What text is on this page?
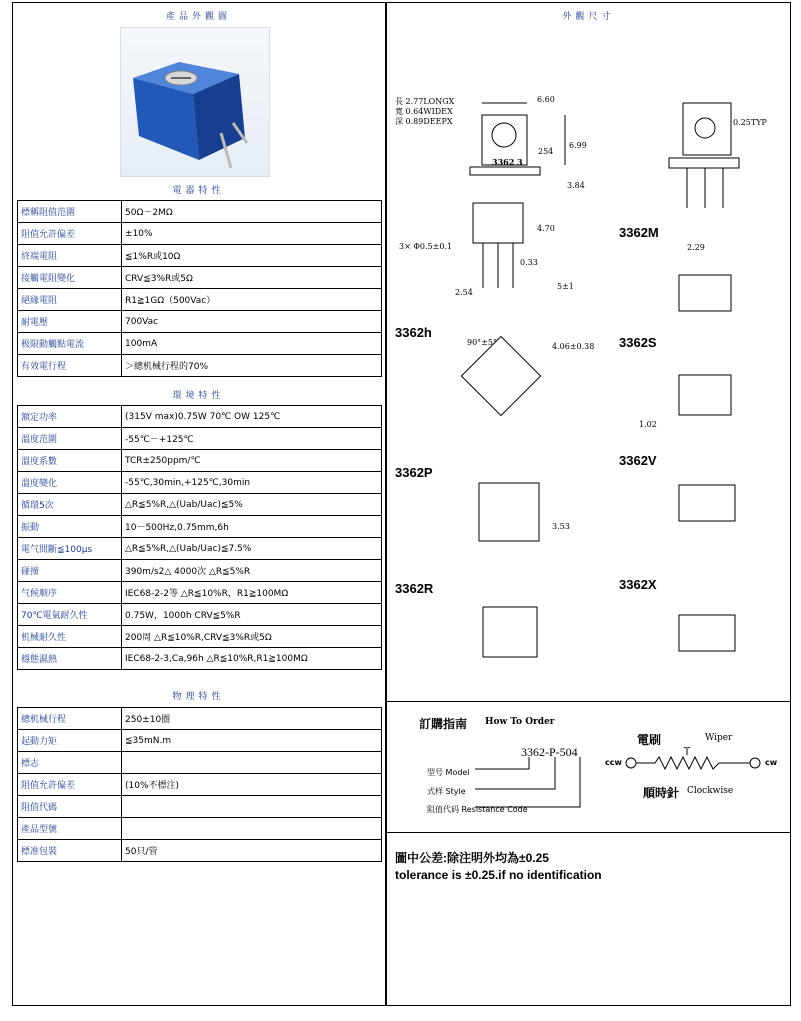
產品外觀圖
電器特性
標稱阻值范圍	50Ω－2MΩ
阻值允許偏差	±10%
終端電阻	≦1%R或10Ω
接觸電阻變化	CRV≦3%R或5Ω
絕緣電阻	R1≧1GΩ（500Vac）
耐電壓	700Vac
极限動觸點電流	100mA
有效電行程	＞總机械行程的70%
環境特性
額定功率	(315V max)0.75W 70℃ OW 125℃
溫度范圍	-55℃－+125℃
溫度系數	TCR±250ppm/℃
溫度變化	-55℃,30min,+125℃,30min
循環5次	△R≦5%R,△(Uab/Uac)≦5%
振動	10－500Hz,0.75mm,6h
電气間斷≦100μs	△R≦5%R,△(Uab/Uac)≦7.5%
碰撞	390m/s2△ 4000次 △R≦5%R
气候顺序	IEC68-2-2等 △R≦10%R，R1≧100MΩ
70℃電氣耐久性	0.75W，1000h CRV≦5%R
机械耐久性	200周 △R≦10%R,CRV≦3%R或5Ω
穩態濕熱	IEC68-2-3,Ca,96h △R≦10%R,R1≧100MΩ
物理特性
總机械行程	250±10圈
起動力矩	≦35mN.m
標志	
阻值允許偏差	(10%不標注)
阻值代碼	
產品型號	
標准包裝	50只/管
外觀尺寸
長 2.77LONGX
寬 0.64WIDEX
深 0.89DEEPX
6.60
6.99
254
3.84
3362 3
3× Φ0.5±0.1
4.70
0.33
2.54
5±1
2.29
0.25TYP
4.06±0.38
90°±5°
1.02
3.53
3362M
3362h
3362S
3362P
3362V
3362R	3362X
訂購指南 How To Order
3362-P-504
型号 Model
式样 Style
阻值代码 Resistance Code
電刷	Wiper
ccw	cw
順時針 Clockwise
圖中公差:除注明外均為±0.25
tolerance is ±0.25.if no identification
